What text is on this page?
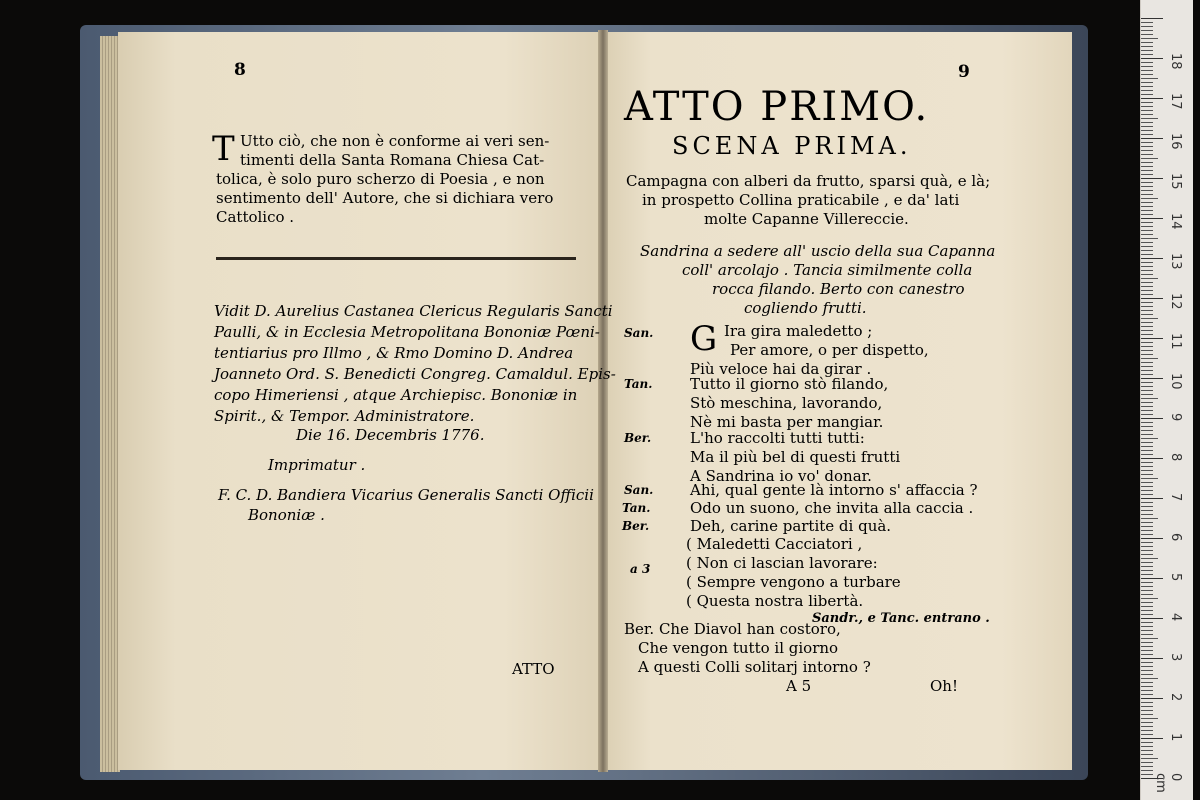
8
T Utto ciò, che non è conforme ai veri sen-
timenti della Santa Romana Chiesa Cat-
tolica, è solo puro scherzo di Poesia , e non
sentimento dell' Autore, che si dichiara vero
Cattolico .
Vidit D. Aurelius Castanea Clericus Regularis Sancti
Paulli, & in Ecclesia Metropolitana Bononiæ Pœni-
tentiarius pro Illmo , & Rmo Domino D. Andrea
Joanneto Ord. S. Benedicti Congreg. Camaldul. Epis-
copo Himeriensi , atque Archiepisc. Bononiæ in
Spirit., & Tempor. Administratore.
Die 16. Decembris 1776.
Imprimatur .
F. C. D. Bandiera Vicarius Generalis Sancti Officii
Bononiæ .
ATTO
9
ATTO PRIMO.
SCENA PRIMA.
Campagna con alberi da frutto, sparsi quà, e là;
in prospetto Collina praticabile , e da' lati
molte Capanne Villereccie.
Sandrina a sedere all' uscio della sua Capanna
coll' arcolajo . Tancia similmente colla
rocca filando. Berto con canestro
cogliendo frutti.
San. G Ira gira maledetto ;
Per amore, o per dispetto,
Più veloce hai da girar .
Tan.	Tutto il giorno stò filando,
Stò meschina, lavorando,
Nè mi basta per mangiar.
Ber.	L'ho raccolti tutti tutti:
Ma il più bel di questi frutti
A Sandrina io vo' donar.
San. Ahi, qual gente là intorno s' affaccia ?
Tan.	Odo un suono, che invita alla caccia .
Ber.	Deh, carine partite di quà.
a 3
( Maledetti Cacciatori ,
( Non ci lascian lavorare:
( Sempre vengono a turbare
( Questa nostra libertà.
Sandr., e Tanc. entrano .
Ber. Che Diavol han costoro,
Che vengon tutto il giorno
A questi Colli solitarj intorno ?
A 5	Oh!
0 cm
1
2
3
4
5
6
7
8
9
10
11
12
13
14
15
16
17
18
